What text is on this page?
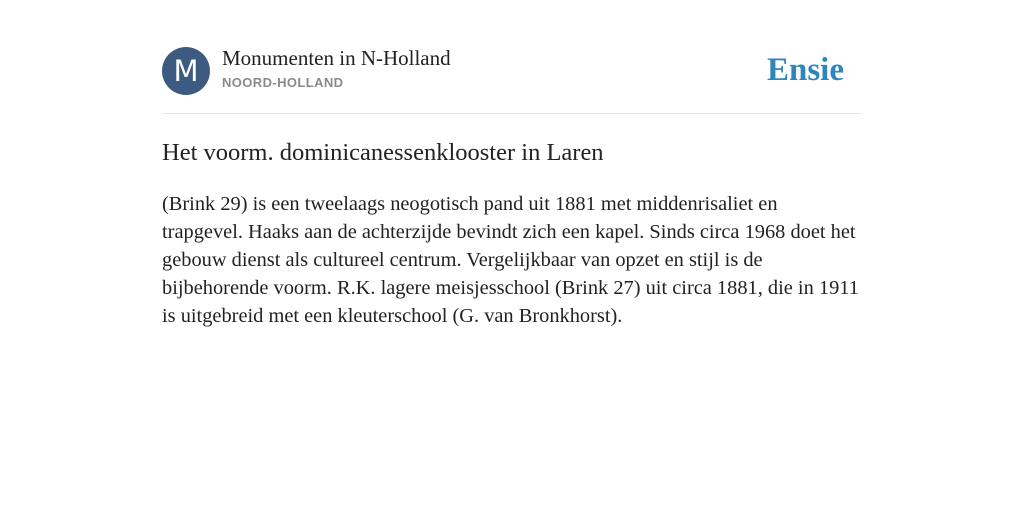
M	Monumenten in N-Holland
NOORD-HOLLAND	Ensie
Het voorm. dominicanessenklooster in Laren

(Brink 29) is een tweelaags neogotisch pand uit 1881 met middenrisaliet en trapgevel. Haaks aan de achterzijde bevindt zich een kapel. Sinds circa 1968 doet het gebouw dienst als cultureel centrum. Vergelijkbaar van opzet en stijl is de bijbehorende voorm. R.K. lagere meisjesschool (Brink 27) uit circa 1881, die in 1911 is uitgebreid met een kleuterschool (G. van Bronkhorst).
